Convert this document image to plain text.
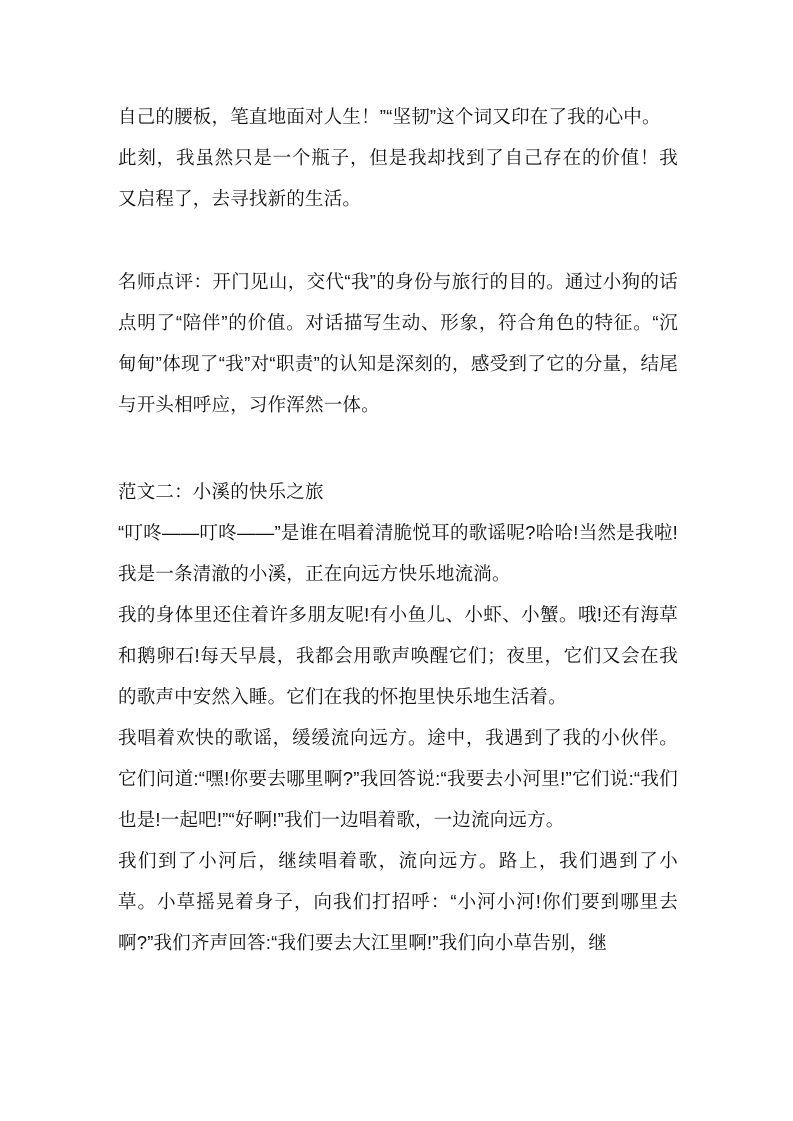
自己的腰板，笔直地面对人生！”“坚韧”这个词又印在了我的心中。

此刻，我虽然只是一个瓶子，但是我却找到了自己存在的价值！我又启程了，去寻找新的生活。

名师点评：开门见山，交代“我”的身份与旅行的目的。通过小狗的话点明了“陪伴”的价值。对话描写生动、形象，符合角色的特征。“沉甸甸”体现了“我”对“职责”的认知是深刻的，感受到了它的分量，结尾与开头相呼应，习作浑然一体。

范文二：小溪的快乐之旅

“叮咚——叮咚——”是谁在唱着清脆悦耳的歌谣呢?哈哈!当然是我啦!我是一条清澈的小溪，正在向远方快乐地流淌。

我的身体里还住着许多朋友呢!有小鱼儿、小虾、小蟹。哦!还有海草和鹅卵石!每天早晨，我都会用歌声唤醒它们；夜里，它们又会在我的歌声中安然入睡。它们在我的怀抱里快乐地生活着。

我唱着欢快的歌谣，缓缓流向远方。途中，我遇到了我的小伙伴。它们问道:“嘿!你要去哪里啊?”我回答说:“我要去小河里!”它们说:“我们也是!一起吧!”“好啊!”我们一边唱着歌，一边流向远方。

我们到了小河后，继续唱着歌，流向远方。路上，我们遇到了小草。小草摇晃着身子，向我们打招呼：“小河小河!你们要到哪里去啊?”我们齐声回答:“我们要去大江里啊!”我们向小草告别，继
